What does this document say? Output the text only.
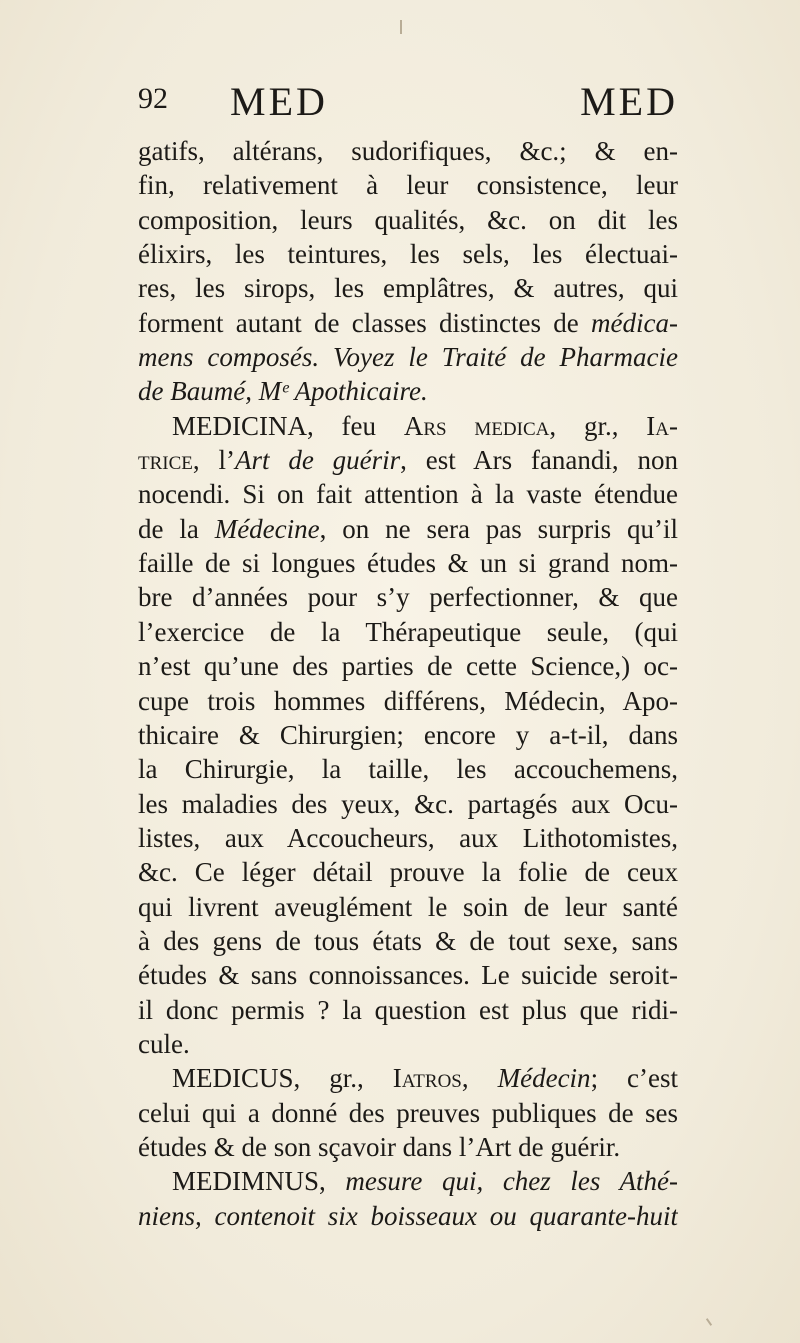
92 MED	MED
gatifs, altérans, sudorifiques, &c.; & en-
fin, relativement à leur consistence, leur
composition, leurs qualités, &c. on dit les
élixirs, les teintures, les sels, les électuai-
res, les sirops, les emplâtres, & autres, qui
forment autant de classes distinctes de médica-
mens composés. Voyez le Traité de Pharmacie
de Baumé, Mᵉ Apothicaire.
MEDICINA, feu Ars medica, gr., Ia-
trice, l’Art de guérir, est Ars fanandi, non
nocendi. Si on fait attention à la vaste étendue
de la Médecine, on ne sera pas surpris qu’il
faille de si longues études & un si grand nom-
bre d’années pour s’y perfectionner, & que
l’exercice de la Thérapeutique seule, (qui
n’est qu’une des parties de cette Science,) oc-
cupe trois hommes différens, Médecin, Apo-
thicaire & Chirurgien; encore y a-t-il, dans
la Chirurgie, la taille, les accouchemens,
les maladies des yeux, &c. partagés aux Ocu-
listes, aux Accoucheurs, aux Lithotomistes,
&c. Ce léger détail prouve la folie de ceux
qui livrent aveuglément le soin de leur santé
à des gens de tous états & de tout sexe, sans
études & sans connoissances. Le suicide seroit-
il donc permis ? la question est plus que ridi-
cule.
MEDICUS, gr., Iatros, Médecin; c’est
celui qui a donné des preuves publiques de ses
études & de son sçavoir dans l’Art de guérir.
MEDIMNUS, mesure qui, chez les Athé-
niens, contenoit six boisseaux ou quarante-huit
